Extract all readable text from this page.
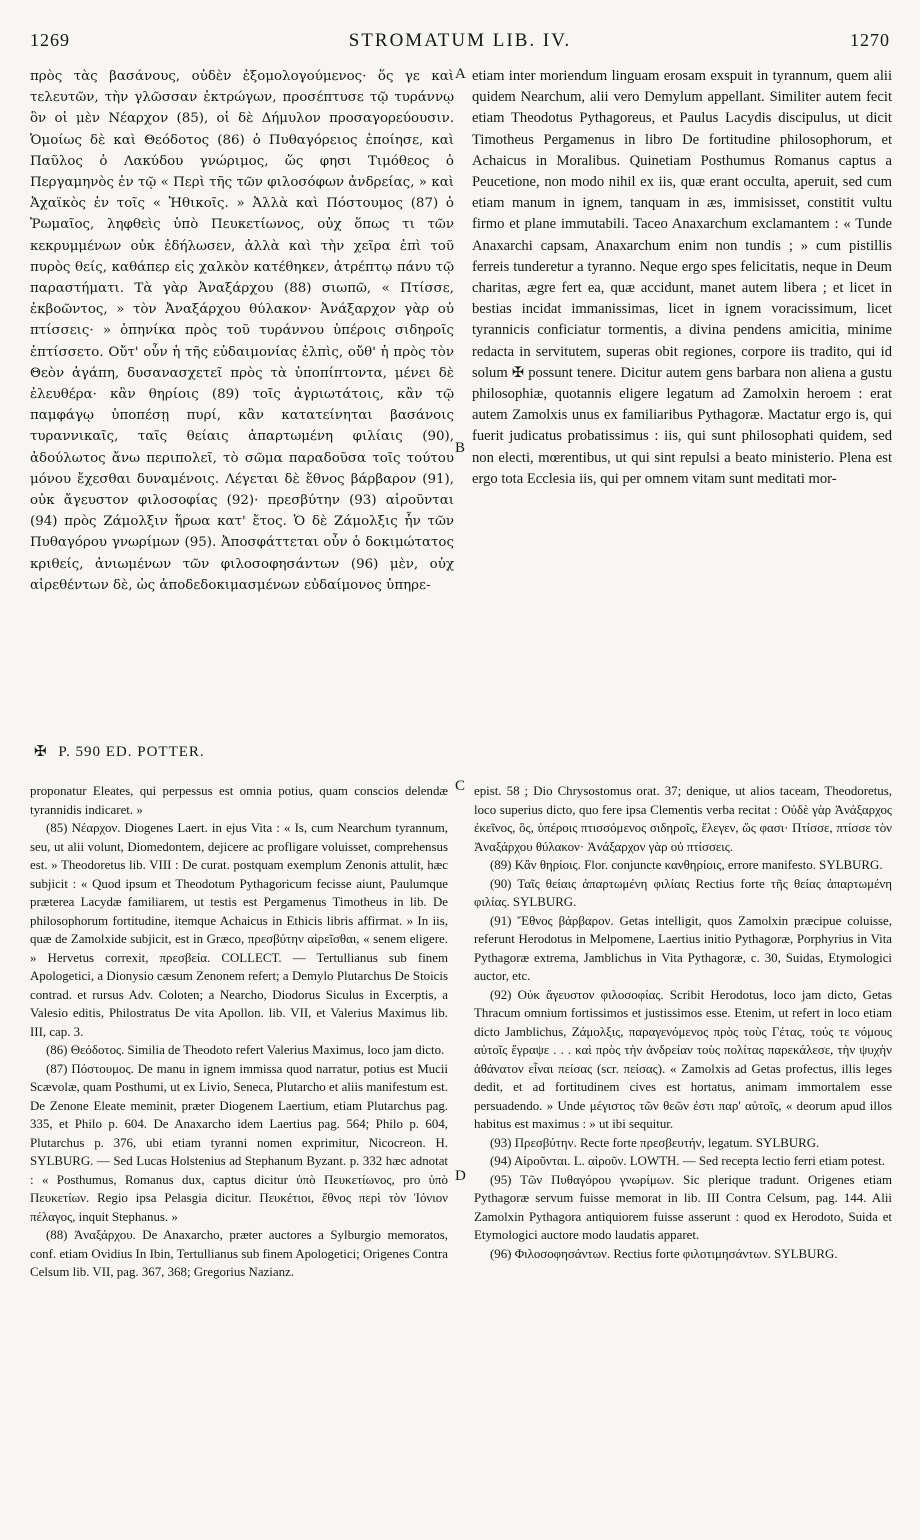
1269	STROMATUM LIB. IV.	1270

πρὸς τὰς βασάνους, οὐδὲν ἐξομολογούμενος· ὅς γε καὶ τελευτῶν, τὴν γλῶσσαν ἐκτρώγων, προσέπτυσε τῷ τυράννῳ ὃν οἱ μὲν Νέαρχον (85), οἱ δὲ Δήμυλον προσαγορεύουσιν. Ὁμοίως δὲ καὶ Θεόδοτος (86) ὁ Πυθαγόρειος ἐποίησε, καὶ Παῦλος ὁ Λακύδου γνώριμος, ὥς φησι Τιμόθεος ὁ Περγαμηνὸς ἐν τῷ « Περὶ τῆς τῶν φιλοσόφων ἀνδρείας, » καὶ Ἀχαϊκὸς ἐν τοῖς « Ἠθικοῖς. » Ἀλλὰ καὶ Πόστουμος (87) ὁ Ῥωμαῖος, ληφθεὶς ὑπὸ Πευκετίωνος, οὐχ ὅπως τι τῶν κεκρυμμένων οὐκ ἐδήλωσεν, ἀλλὰ καὶ τὴν χεῖρα ἐπὶ τοῦ πυρὸς θείς, καθάπερ εἰς χαλκὸν κατέθηκεν, ἀτρέπτῳ πάνυ τῷ παραστήματι. Τὰ γὰρ Ἀναξάρχου (88) σιωπῶ, « Πτίσσε, ἐκβοῶντος, » τὸν Ἀναξάρχου θύλακον· Ἀνάξαρχον γὰρ οὐ πτίσσεις· » ὁπηνίκα πρὸς τοῦ τυράννου ὑπέροις σιδηροῖς ἐπτίσσετο. Οὔτ' οὖν ἡ τῆς εὐδαιμονίας ἐλπὶς, οὔθ' ἡ πρὸς τὸν Θεὸν ἀγάπη, δυσανασχετεῖ πρὸς τὰ ὑποπίπτοντα, μένει δὲ ἐλευθέρα· κἂν θηρίοις (89) τοῖς ἀγριωτάτοις, κἂν τῷ παμφάγῳ ὑποπέσῃ πυρί, κἂν κατατείνηται βασάνοις τυραννικαῖς, ταῖς θείαις ἀπαρτωμένη φιλίαις (90), ἀδούλωτος ἄνω περιπολεῖ, τὸ σῶμα παραδοῦσα τοῖς τούτου μόνου ἔχεσθαι δυναμένοις. Λέγεται δὲ ἔθνος βάρβαρον (91), οὐκ ἄγευστον φιλοσοφίας (92)· πρεσβύτην (93) αἱροῦνται (94) πρὸς Ζάμολξιν ἥρωα κατ' ἔτος. Ὁ δὲ Ζάμολξις ἦν τῶν Πυθαγόρου γνωρίμων (95). Ἀποσφάττεται οὖν ὁ δοκιμώτατος κριθείς, ἀνιωμένων τῶν φιλοσοφησάντων (96) μὲν, οὐχ αἱρεθέντων δὲ, ὡς ἀποδεδοκιμασμένων εὐδαίμονος ὑπηρε-

etiam inter moriendum linguam erosam exspuit in tyrannum, quem alii quidem Nearchum, alii vero Demylum appellant. Similiter autem fecit etiam Theodotus Pythagoreus, et Paulus Lacydis discipulus, ut dicit Timotheus Pergamenus in libro De fortitudine philosophorum, et Achaicus in Moralibus. Quinetiam Posthumus Romanus captus a Peucetione, non modo nihil ex iis, quæ erant occulta, aperuit, sed cum etiam manum in ignem, tanquam in æs, immisisset, constitit vultu firmo et plane immutabili. Taceo Anaxarchum exclamantem : « Tunde Anaxarchi capsam, Anaxarchum enim non tundis ; » cum pistillis ferreis tunderetur a tyranno. Neque ergo spes felicitatis, neque in Deum charitas, ægre fert ea, quæ accidunt, manet autem libera ; et licet in bestias incidat immanissimas, licet in ignem voracissimum, licet tyrannicis conficiatur tormentis, a divina pendens amicitia, minime redacta in servitutem, superas obit regiones, corpore iis tradito, qui id solum ✠ possunt tenere. Dicitur autem gens barbara non aliena a gustu philosophiæ, quotannis eligere legatum ad Zamolxin heroem : erat autem Zamolxis unus ex familiaribus Pythagoræ. Mactatur ergo is, qui fuerit judicatus probatissimus : iis, qui sunt philosophati quidem, sed non electi, mœrentibus, ut qui sint repulsi a beato ministerio. Plena est ergo tota Ecclesia iis, qui per omnem vitam sunt meditati mor-

A
B
C
D
✠ P. 590 ED. POTTER.

proponatur Eleates, qui perpessus est omnia potius, quam conscios delendæ tyrannidis indicaret. »

(85) Νέαρχον. Diogenes Laert. in ejus Vita : « Is, cum Nearchum tyrannum, seu, ut alii volunt, Diomedontem, dejicere ac profligare voluisset, comprehensus est. » Theodoretus lib. VIII : De curat. postquam exemplum Zenonis attulit, hæc subjicit : « Quod ipsum et Theodotum Pythagoricum fecisse aiunt, Paulumque præterea Lacydæ familiarem, ut testis est Pergamenus Timotheus in lib. De philosophorum fortitudine, itemque Achaicus in Ethicis libris affirmat. » In iis, quæ de Zamolxide subjicit, est in Græco, πρεσβύτην αἱρεῖσθαι, « senem eligere. » Hervetus correxit, πρεσβεία. COLLECT. — Tertullianus sub finem Apologetici, a Dionysio cæsum Zenonem refert; a Demylo Plutarchus De Stoicis contrad. et rursus Adv. Coloten; a Nearcho, Diodorus Siculus in Excerptis, a Valesio editis, Philostratus De vita Apollon. lib. VII, et Valerius Maximus lib. III, cap. 3.

(86) Θεόδοτος. Similia de Theodoto refert Valerius Maximus, loco jam dicto.

(87) Πόστουμος. De manu in ignem immissa quod narratur, potius est Mucii Scævolæ, quam Posthumi, ut ex Livio, Seneca, Plutarcho et aliis manifestum est. De Zenone Eleate meminit, præter Diogenem Laertium, etiam Plutarchus pag. 335, et Philo p. 604. De Anaxarcho idem Laertius pag. 564; Philo p. 604, Plutarchus p. 376, ubi etiam tyranni nomen exprimitur, Nicocreon. H. SYLBURG. — Sed Lucas Holstenius ad Stephanum Byzant. p. 332 hæc adnotat : « Posthumus, Romanus dux, captus dicitur ὑπὸ Πευκετίωνος, pro ὑπὸ Πευκετίων. Regio ipsa Pelasgia dicitur. Πευκέτιοι, ἔθνος περὶ τὸν Ἰόνιον πέλαγος, inquit Stephanus. »

(88) Ἀναξάρχου. De Anaxarcho, præter auctores a Sylburgio memoratos, conf. etiam Ovidius In Ibin, Tertullianus sub finem Apologetici; Origenes Contra Celsum lib. VII, pag. 367, 368; Gregorius Nazianz.

epist. 58 ; Dio Chrysostomus orat. 37; denique, ut alios taceam, Theodoretus, loco superius dicto, quo fere ipsa Clementis verba recitat : Οὐδὲ γὰρ Ἀνάξαρχος ἐκεῖνος, ὃς, ὑπέροις πτισσόμενος σιδηροῖς, ἔλεγεν, ὥς φασι· Πτίσσε, πτίσσε τὸν Ἀναξάρχου θύλακον· Ἀνάξαρχον γὰρ οὐ πτίσσεις.

(89) Κἂν θηρίοις. Flor. conjuncte κανθηρίοις, errore manifesto. SYLBURG.

(90) Ταῖς θείαις ἀπαρτωμένη φιλίαις Rectius forte τῆς θείας ἀπαρτωμένη φιλίας. SYLBURG.

(91) Ἔθνος βάρβαρον. Getas intelligit, quos Zamolxin præcipue coluisse, referunt Herodotus in Melpomene, Laertius initio Pythagoræ, Porphyrius in Vita Pythagoræ extrema, Jamblichus in Vita Pythagoræ, c. 30, Suidas, Etymologici auctor, etc.

(92) Οὐκ ἄγευστον φιλοσοφίας. Scribit Herodotus, loco jam dicto, Getas Thracum omnium fortissimos et justissimos esse. Etenim, ut refert in loco etiam dicto Jamblichus, Ζάμολξις, παραγενόμενος πρὸς τοὺς Γέτας, τούς τε νόμους αὐτοῖς ἔγραψε . . . καὶ πρὸς τὴν ἀνδρείαν τοὺς πολίτας παρεκάλεσε, τὴν ψυχὴν ἀθάνατον εἶναι πείσας (scr. πείσας). « Zamolxis ad Getas profectus, illis leges dedit, et ad fortitudinem cives est hortatus, animam immortalem esse persuadendo. » Unde μέγιστος τῶν θεῶν ἐστι παρ' αὐτοῖς, « deorum apud illos habitus est maximus : » ut ibi sequitur.

(93) Πρεσβύτην. Recte forte πρεσβευτήν, legatum. SYLBURG.

(94) Αἱροῦνται. L. αἱροῦν. LOWTH. — Sed recepta lectio ferri etiam potest.

(95) Τῶν Πυθαγόρου γνωρίμων. Sic plerique tradunt. Origenes etiam Pythagoræ servum fuisse memorat in lib. III Contra Celsum, pag. 144. Alii Zamolxin Pythagora antiquiorem fuisse asserunt : quod ex Herodoto, Suida et Etymologici auctore modo laudatis apparet.

(96) Φιλοσοφησάντων. Rectius forte φιλοτιμησάντων. SYLBURG.
